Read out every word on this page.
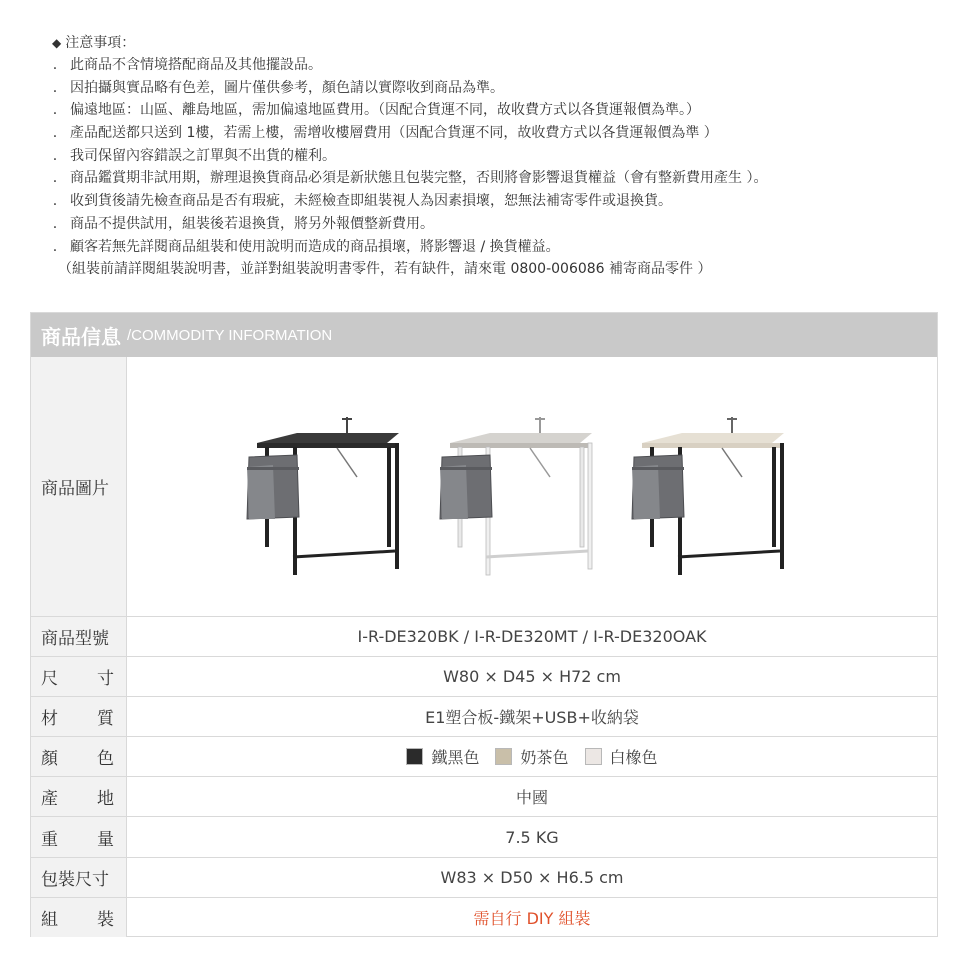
◆ 注意事項：
. 此商品不含情境搭配商品及其他擺設品。
. 因拍攝與實品略有色差，圖片僅供參考，顏色請以實際收到商品為準。
. 偏遠地區：山區、離島地區，需加偏遠地區費用。（因配合貨運不同，故收費方式以各貨運報價為準。）
. 產品配送都只送到 1樓，若需上樓，需增收樓層費用（因配合貨運不同，故收費方式以各貨運報價為準 ）
. 我司保留內容錯誤之訂單與不出貨的權利。
. 商品鑑賞期非試用期，辦理退換貨商品必須是新狀態且包裝完整，否則將會影響退貨權益（會有整新費用產生 ）。
. 收到貨後請先檢查商品是否有瑕疵，未經檢查即組裝視人為因素損壞，恕無法補寄零件或退換貨。
. 商品不提供試用，組裝後若退換貨，將另外報價整新費用。
. 顧客若無先詳閱商品組裝和使用說明而造成的商品損壞，將影響退 / 換貨權益。
（組裝前請詳閱組裝說明書，並詳對組裝說明書零件，若有缺件，請來電 0800-006086 補寄商品零件 ）
商品信息 /COMMODITY INFORMATION
商品圖片
商品型號	I-R-DE320BK / I-R-DE320MT / I-R-DE320OAK
尺 寸	W80 × D45 × H72 cm
材 質	E1塑合板-鐵架+USB+收納袋
顏 色	鐵黑色	奶茶色	白橡色
產 地	中國
重 量	7.5 KG
包裝尺寸	W83 × D50 × H6.5 cm
組 裝	需自行 DIY 組裝
